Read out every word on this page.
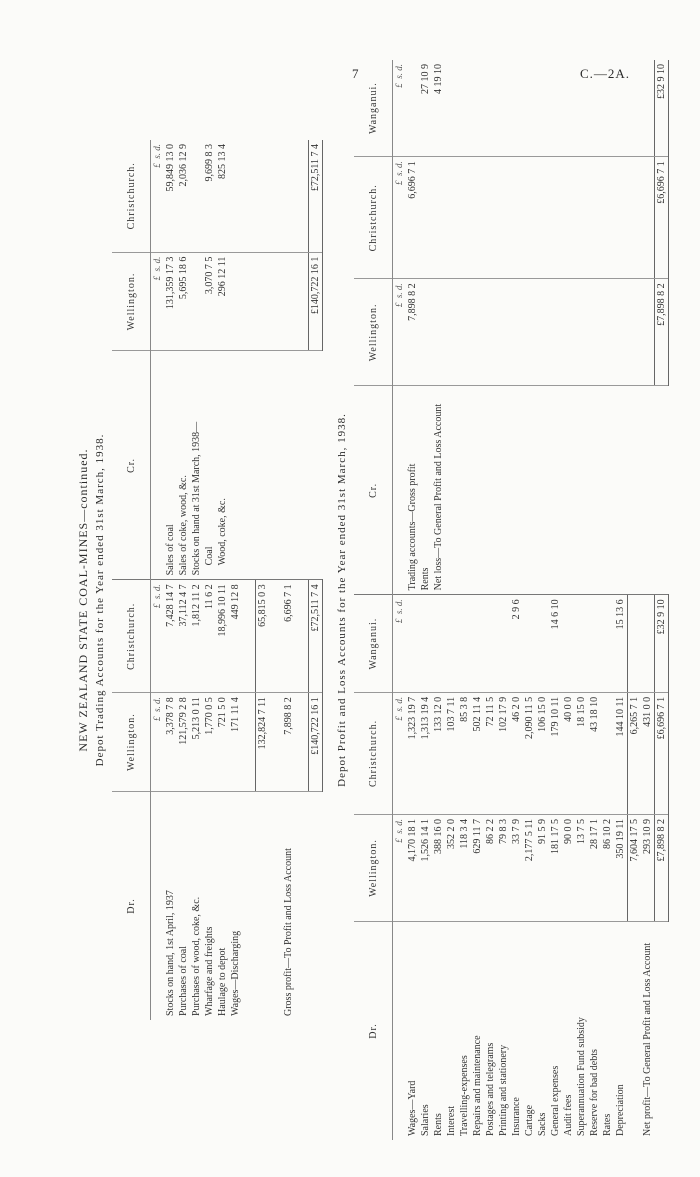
7	C.—2A.
NEW ZEALAND STATE COAL-MINES—continued. Depot Trading Accounts for the Year ended 31st March, 1938.
Dr.	Wellington.	Christchurch.	Cr.	Wellington.	Christchurch.
	£  s. d.	£  s. d.		£  s. d.	£  s. d.
Stocks on hand, 1st April, 1937	3,378 7 8	7,428 14 7	Sales of coal	131,359 17 3	59,849 13 0
Purchases of coal	121,579 2 8	37,112 4 7	Sales of coke, wood, &c.	5,695 18 6	2,036 12 9
Purchases of wood, coke, &c.	5,213 0 11	1,812 11 2	Stocks on hand at 31st March, 1938—		
Wharfage and freights	1,770 0 5	11 6 2	Coal	3,070 7 5	9,699 8 3
Haulage to depot	721 5 0	18,996 10 11	Wood, coke, &c.	296 12 11	825 13 4
Wages—Discharging	171 11 4	449 12 8			

	132,824 7 11	65,815 0 3			

Gross profit—To Profit and Loss Account	7,898 8 2	6,696 7 1			

	£140,722 16 1	£72,511 7 4		£140,722 16 1	£72,511 7 4
Depot Profit and Loss Accounts for the Year ended 31st March, 1938.
Dr.	Wellington.	Christchurch.	Wanganui.	Cr.	Wellington.	Christchurch.	Wanganui.
	£  s. d.	£  s. d.	£  s. d.		£  s. d.	£  s. d.	£  s. d.
Wages—Yard	4,170 18 1	1,323 19 7		Trading accounts—Gross profit	7,898 8 2	6,696 7 1	
Salaries	1,526 14 1	1,313 19 4		Rents			27 10 9
Rents	388 16 0	133 12 0		Net loss—To General Profit and Loss Account			4 19 10
Interest	352 2 0	103 7 11					
Travelling-expenses	118 3 4	85 3 8					
Repairs and maintenance	629 11 7	502 11 4					
Postages and telegrams	86 2 2	72 11 5					
Printing and stationery	79 8 3	102 17 9					
Insurance	33 7 9	46 2 0	2 9 6				
Cartage	2,177 5 11	2,090 11 5					
Sacks	91 5 9	106 15 0					
General expenses	181 17 5	179 10 11	14 6 10				
Audit fees	90 0 0	40 0 0					
Superannuation Fund subsidy	13 7 5	18 15 0					
Reserve for bad debts	28 17 1	43 18 10					
Rates	86 10 2						
Depreciation	350 19 11	144 10 11	15 13 6				
	7,604 17 5	6,265 7 1					
Net profit—To General Profit and Loss Account	293 10 9	431 0 0					
	£7,898 8 2	£6,696 7 1	£32 9 10		£7,898 8 2	£6,696 7 1	£32 9 10
